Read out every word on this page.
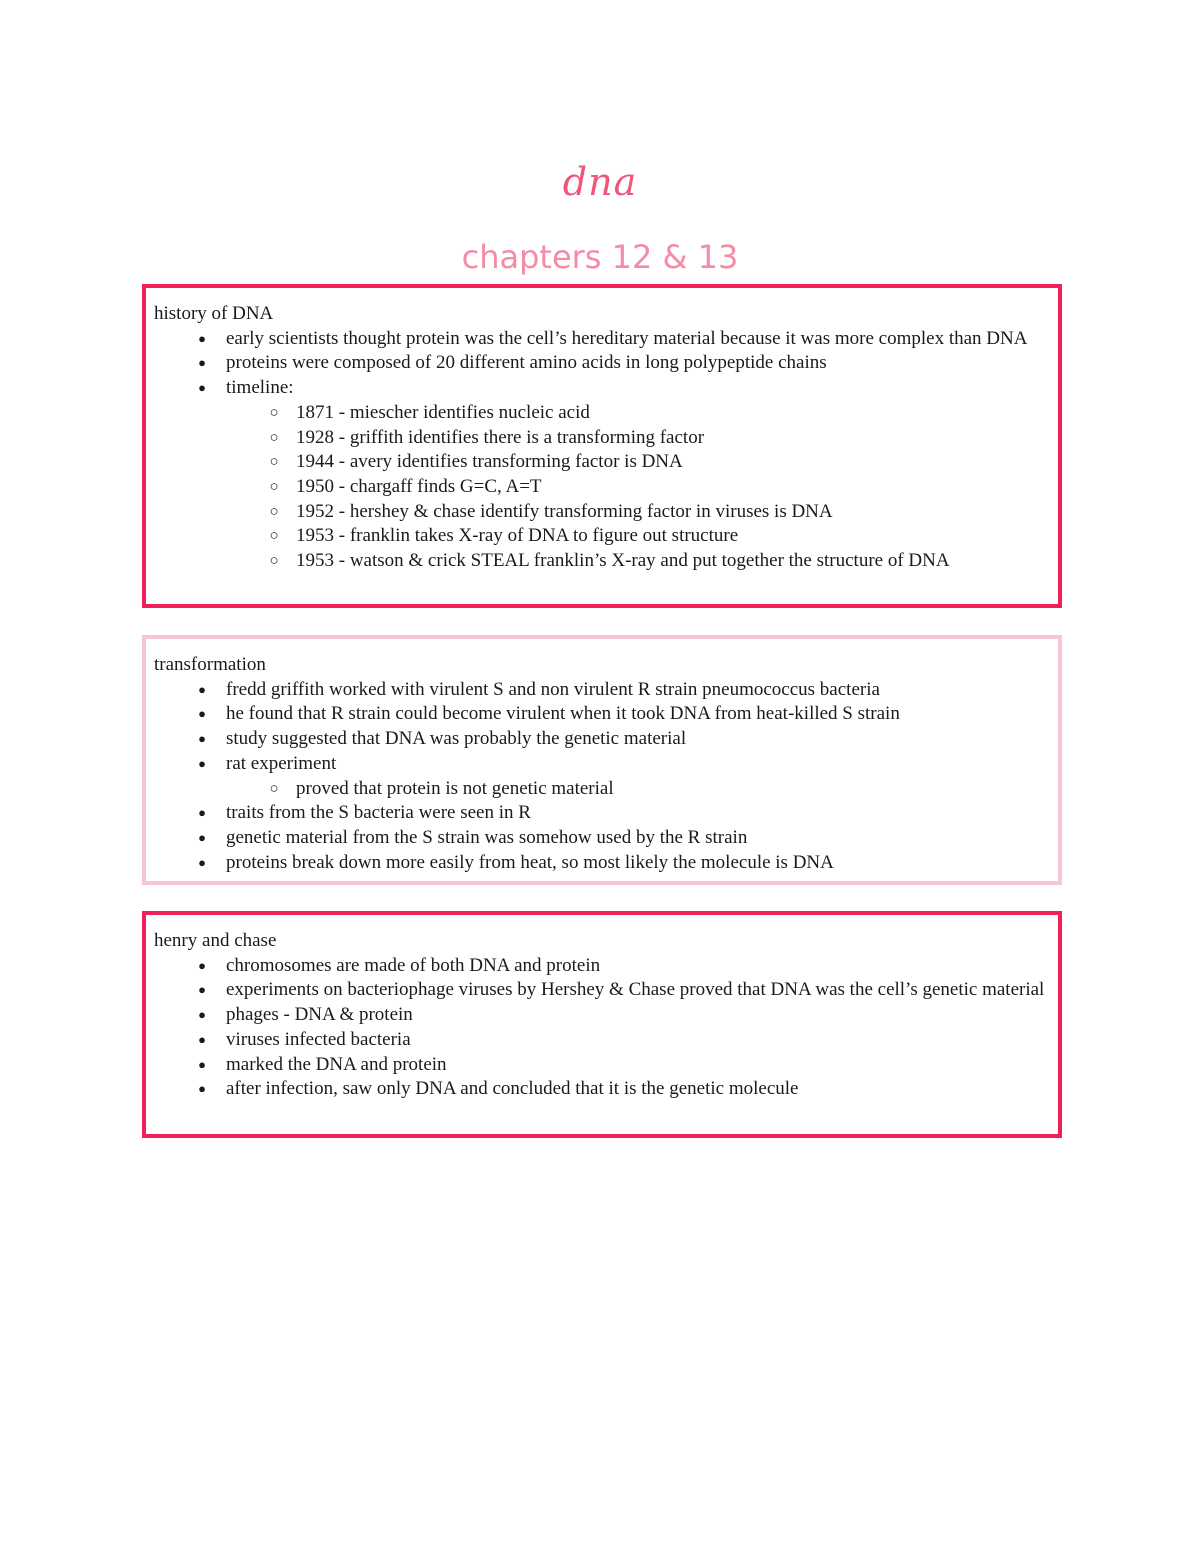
dna
chapters 12 & 13

history of DNA

●	early scientists thought protein was the cell’s hereditary material because it was more complex than DNA
●	proteins were composed of 20 different amino acids in long polypeptide chains
●	timeline:
○ 1871 - miescher identifies nucleic acid
○ 1928 - griffith identifies there is a transforming factor
○ 1944 - avery identifies transforming factor is DNA
○ 1950 - chargaff finds G=C, A=T
○ 1952 - hershey & chase identify transforming factor in viruses is DNA
○ 1953 - franklin takes X-ray of DNA to figure out structure
○ 1953 - watson & crick STEAL franklin’s X-ray and put together the structure of DNA

transformation

●	fredd griffith worked with virulent S and non virulent R strain pneumococcus bacteria
●	he found that R strain could become virulent when it took DNA from heat-killed S strain
●	study suggested that DNA was probably the genetic material
●	rat experiment
○ proved that protein is not genetic material
●	traits from the S bacteria were seen in R
●	genetic material from the S strain was somehow used by the R strain
●	proteins break down more easily from heat, so most likely the molecule is DNA

henry and chase

●	chromosomes are made of both DNA and protein
●	experiments on bacteriophage viruses by Hershey & Chase proved that DNA was the cell’s genetic material
●	phages - DNA & protein
●	viruses infected bacteria
●	marked the DNA and protein
●	after infection, saw only DNA and concluded that it is the genetic molecule
